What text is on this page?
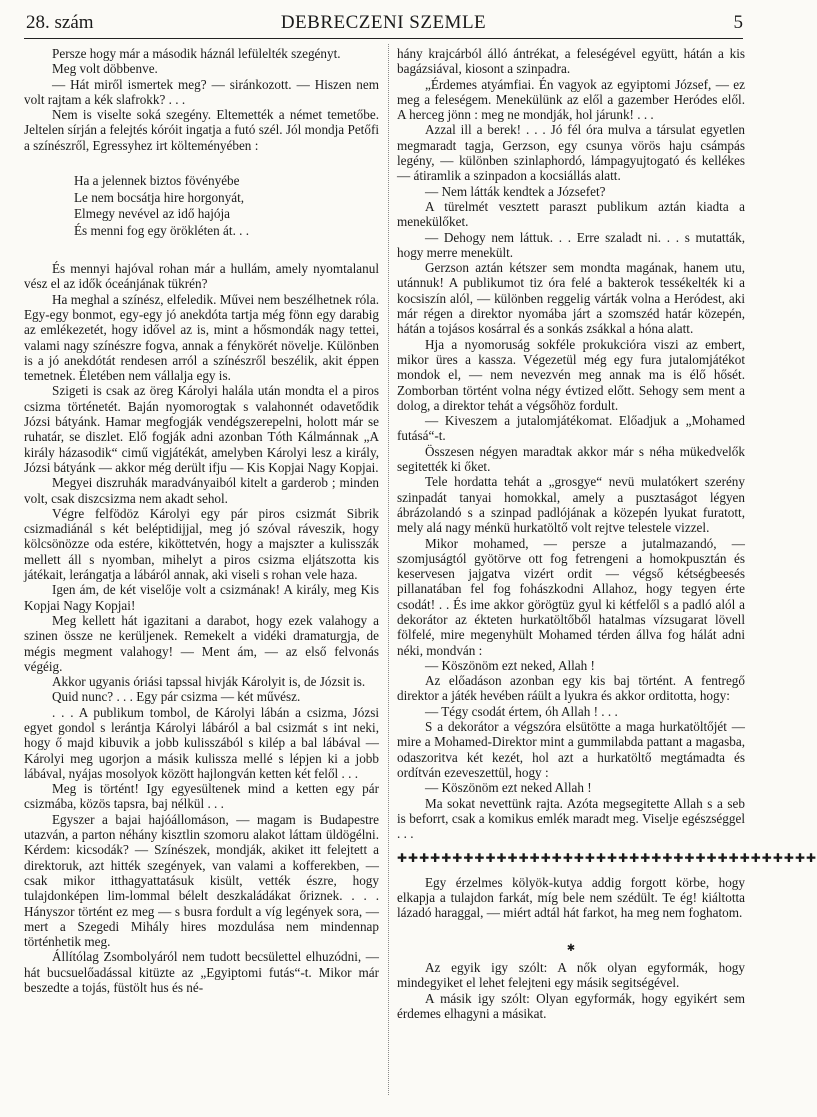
28. szám	DEBRECZENI SZEMLE	5

Persze hogy már a második háznál lefülelték szegényt.

Meg volt döbbenve.

— Hát miről ismertek meg? — siránkozott. — Hiszen nem volt rajtam a kék slafrokk? . . .

Nem is viselte soká szegény. Eltemették a német temetőbe. Jeltelen sírján a felejtés kóróit ingatja a futó szél. Jól mondja Petőfi a színészről, Egressyhez irt költeményében :

Ha a jelennek biztos fövényébe
Le nem bocsátja hire horgonyát,
Elmegy nevével az idő hajója
És menni fog egy örökléten át. . .

És mennyi hajóval rohan már a hullám, amely nyomtalanul vész el az idők óceánjának tükrén?

Ha meghal a színész, elfeledik. Művei nem beszélhetnek róla. Egy-egy bonmot, egy-egy jó anekdóta tartja még fönn egy darabig az emlékezetét, hogy idővel az is, mint a hősmondák nagy tettei, valami nagy színészre fogva, annak a fénykörét növelje. Különben is a jó anekdótát rendesen arról a színészről beszélik, akit éppen temetnek. Életében nem vállalja egy is.

Szigeti is csak az öreg Károlyi halála után mondta el a piros csizma történetét. Baján nyomorogtak s valahonnét odavetődik Józsi bátyánk. Hamar megfogják vendégszerepelni, holott már se ruhatár, se diszlet. Elő fogják adni azonban Tóth Kálmánnak „A király házasodik“ cimű vigjátékát, amelyben Károlyi lesz a király, Józsi bátyánk — akkor még derült ifju — Kis Kopjai Nagy Kopjai.

Megyei diszruhák maradványaiból kitelt a garderob ; minden volt, csak diszcsizma nem akadt sehol.

Végre felfödöz Károlyi egy pár piros csizmát Sibrik csizmadiánál s két beléptidijjal, meg jó szóval ráveszik, hogy kölcsönözze oda estére, kiköttetvén, hogy a majszter a kulisszák mellett áll s nyomban, mihelyt a piros csizma eljátszotta kis játékait, lerángatja a lábáról annak, aki viseli s rohan vele haza.

Igen ám, de két viselője volt a csizmának! A király, meg Kis Kopjai Nagy Kopjai!

Meg kellett hát igazitani a darabot, hogy ezek valahogy a szinen össze ne kerüljenek. Remekelt a vidéki dramaturgja, de mégis megment valahogy! — Ment ám, — az első felvonás végéig.

Akkor ugyanis óriási tapssal hivják Károlyit is, de Józsit is.

Quid nunc? . . . Egy pár csizma — két művész.

. . . A publikum tombol, de Károlyi lábán a csizma, Józsi egyet gondol s lerántja Károlyi lábáról a bal csizmát s int neki, hogy ő majd kibuvik a jobb kulisszából s kilép a bal lábával — Károlyi meg ugorjon a másik kulissza mellé s lépjen ki a jobb lábával, nyájas mosolyok között hajlongván ketten két felől . . .

Meg is történt! Igy egyesültenek mind a ketten egy pár csizmába, közös tapsra, baj nélkül . . .

Egyszer a bajai hajóállomáson, — magam is Budapestre utazván, a parton néhány kisztlin szomoru alakot láttam üldögélni. Kérdem: kicsodák? — Színészek, mondják, akiket itt felejtett a direktoruk, azt hitték szegények, van valami a kofferekben, — csak mikor itthagyattatásuk kisült, vették észre, hogy tulajdonképen lim-lommal bélelt deszkaládákat őriznek. . . . Hányszor történt ez meg — s busra fordult a víg legények sora, — mert a Szegedi Mihály hires mozdulása nem mindennap történhetik meg.

Állítólag Zsombolyáról nem tudott becsülettel elhuzódni, — hát bucsuelőadással kitüzte az „Egyiptomi futás“-t. Mikor már beszedte a tojás, füstölt hus és né-

hány krajcárból álló ántrékat, a feleségével együtt, hátán a kis bagázsiával, kiosont a szinpadra.

„Érdemes atyámfiai. Én vagyok az egyiptomi József, — ez meg a feleségem. Menekülünk az elől a gazember Heródes elől. A herceg jönn : meg ne mondják, hol járunk! . . .

Azzal ill a berek! . . . Jó fél óra mulva a társulat egyetlen megmaradt tagja, Gerzson, egy csunya vörös haju csámpás legény, — különben szinlaphordó, lámpagyujtogató és kellékes — átiramlik a szinpadon a kocsiállás alatt.

— Nem látták kendtek a Józsefet?

A türelmét vesztett paraszt publikum aztán kiadta a menekülőket.

— Dehogy nem láttuk. . . Erre szaladt ni. . . s mutatták, hogy merre menekült.

Gerzson aztán kétszer sem mondta magának, hanem utu, utánnuk! A publikumot tiz óra felé a bakterok tessékelték ki a kocsiszín alól, — különben reggelig várták volna a Heródest, aki már régen a direktor nyomába járt a szomszéd határ közepén, hátán a tojásos kosárral és a sonkás zsákkal a hóna alatt.

Hja a nyomoruság sokféle prokukcióra viszi az embert, mikor üres a kassza. Végezetül még egy fura jutalomjátékot mondok el, — nem nevezvén meg annak ma is élő hősét. Zomborban történt volna négy évtized előtt. Sehogy sem ment a dolog, a direktor tehát a végsőhöz fordult.

— Kiveszem a jutalomjátékomat. Előadjuk a „Mohamed futásá“-t.

Összesen négyen maradtak akkor már s néha mükedvelők segitették ki őket.

Tele hordatta tehát a „grosgye“ nevü mulatókert szerény szinpadát tanyai homokkal, amely a pusztaságot légyen ábrázolandó s a szinpad padlójának a közepén lyukat furatott, mely alá nagy ménkü hurkatöltő volt rejtve telestele vizzel.

Mikor mohamed, — persze a jutalmazandó, — szomjuságtól gyötörve ott fog fetrengeni a homokpusztán és keservesen jajgatva vizért ordit — végső kétségbeesés pillanatában fel fog fohászkodni Allahoz, hogy tegyen érte csodát! . . És ime akkor görögtüz gyul ki kétfelől s a padló alól a dekorátor az ékteten hurkatöltőből hatalmas vízsugarat lövell fölfelé, mire megenyhült Mohamed térden állva fog hálát adni néki, mondván :

— Köszönöm ezt neked, Allah !

Az előadáson azonban egy kis baj történt. A fentregő direktor a játék hevében ráült a lyukra és akkor orditotta, hogy:

— Tégy csodát értem, óh Allah ! . . .

S a dekorátor a végszóra elsütötte a maga hurkatöltőjét — mire a Mohamed-Direktor mint a gummilabda pattant a magasba, odaszoritva két kezét, hol azt a hurkatöltő megtámadta és ordítván ezeveszettül, hogy :

— Köszönöm ezt neked Allah !

Ma sokat nevettünk rajta. Azóta megsegitette Allah s a seb is beforrt, csak a komikus emlék maradt meg. Viselje egészséggel . . .

✚✚✚✚✚✚✚✚✚✚✚✚✚✚✚✚✚✚✚✚✚✚✚✚✚✚✚✚✚✚✚✚✚✚✚✚✚✚

Egy érzelmes kölyök-kutya addig forgott körbe, hogy elkapja a tulajdon farkát, míg bele nem szédült. Te ég! kiáltotta lázadó haraggal, — miért adtál hát farkot, ha meg nem foghatom.

✱

Az egyik igy szólt: A nők olyan egyformák, hogy mindegyiket el lehet felejteni egy másik segitségével.

A másik igy szólt: Olyan egyformák, hogy egyikért sem érdemes elhagyni a másikat.
